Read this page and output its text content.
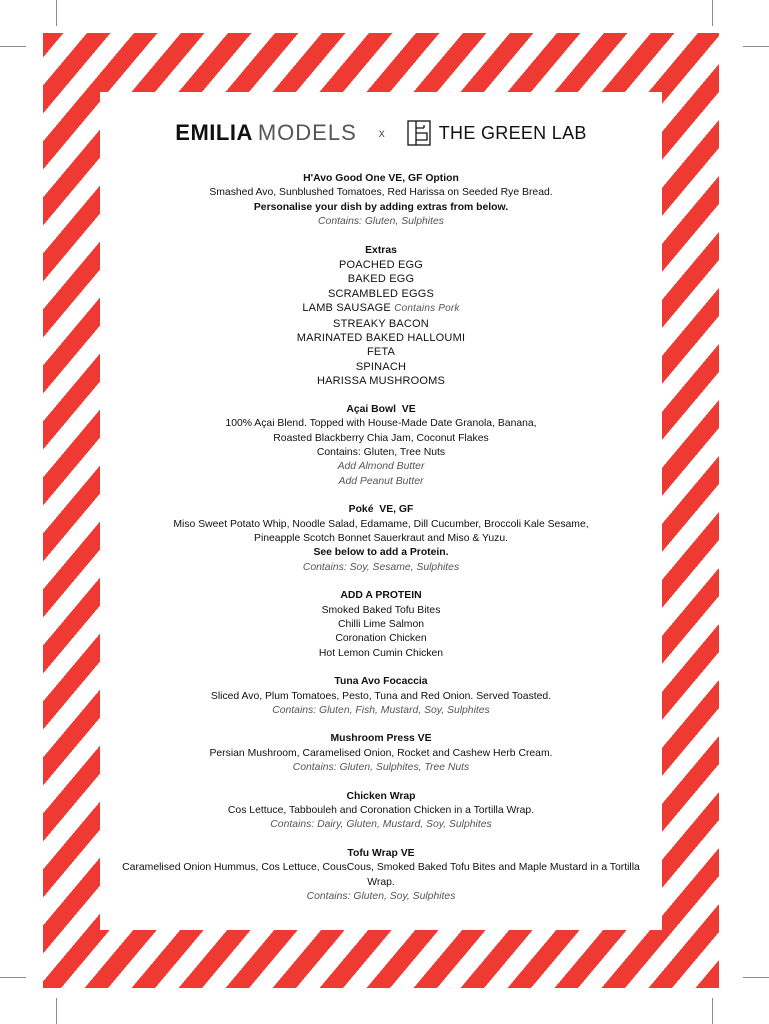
EMILIA MODELS x	THE GREEN LAB
H'Avo Good One VE, GF Option
Smashed Avo, Sunblushed Tomatoes, Red Harissa on Seeded Rye Bread.
Personalise your dish by adding extras from below.
Contains: Gluten, Sulphites
Extras
POACHED EGG
BAKED EGG
SCRAMBLED EGGS
LAMB SAUSAGE Contains Pork
STREAKY BACON
MARINATED BAKED HALLOUMI
FETA
SPINACH
HARISSA MUSHROOMS
Açai Bowl  VE
100% Açai Blend. Topped with House-Made Date Granola, Banana,
Roasted Blackberry Chia Jam, Coconut Flakes
Contains: Gluten, Tree Nuts
Add Almond Butter
Add Peanut Butter
Poké  VE, GF
Miso Sweet Potato Whip, Noodle Salad, Edamame, Dill Cucumber, Broccoli Kale Sesame,
Pineapple Scotch Bonnet Sauerkraut and Miso & Yuzu.
See below to add a Protein.
Contains: Soy, Sesame, Sulphites
ADD A PROTEIN
Smoked Baked Tofu Bites
Chilli Lime Salmon
Coronation Chicken
Hot Lemon Cumin Chicken
Tuna Avo Focaccia
Sliced Avo, Plum Tomatoes, Pesto, Tuna and Red Onion. Served Toasted.
Contains: Gluten, Fish, Mustard, Soy, Sulphites
Mushroom Press VE
Persian Mushroom, Caramelised Onion, Rocket and Cashew Herb Cream.
Contains: Gluten, Sulphites, Tree Nuts
Chicken Wrap
Cos Lettuce, Tabbouleh and Coronation Chicken in a Tortilla Wrap.
Contains: Dairy, Gluten, Mustard, Soy, Sulphites
Tofu Wrap VE
Caramelised Onion Hummus, Cos Lettuce, CousCous, Smoked Baked Tofu Bites and Maple Mustard in a Tortilla
Wrap.
Contains: Gluten, Soy, Sulphites
